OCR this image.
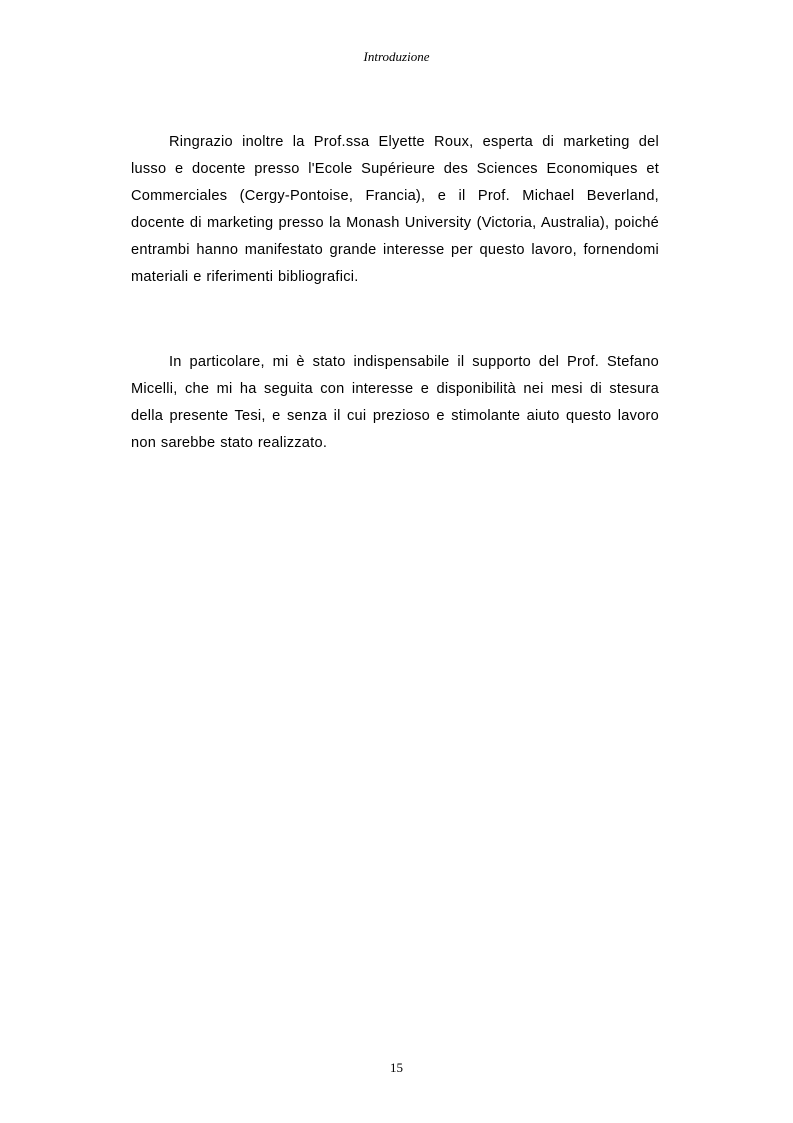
Introduzione

Ringrazio inoltre la Prof.ssa Elyette Roux, esperta di marketing del lusso e docente presso l'Ecole Supérieure des Sciences Economiques et Commerciales (Cergy-Pontoise, Francia), e il Prof. Michael Beverland, docente di marketing presso la Monash University (Victoria, Australia), poiché entrambi hanno manifestato grande interesse per questo lavoro, fornendomi materiali e riferimenti bibliografici.

In particolare, mi è stato indispensabile il supporto del Prof. Stefano Micelli, che mi ha seguita con interesse e disponibilità nei mesi di stesura della presente Tesi, e senza il cui prezioso e stimolante aiuto questo lavoro non sarebbe stato realizzato.

15
